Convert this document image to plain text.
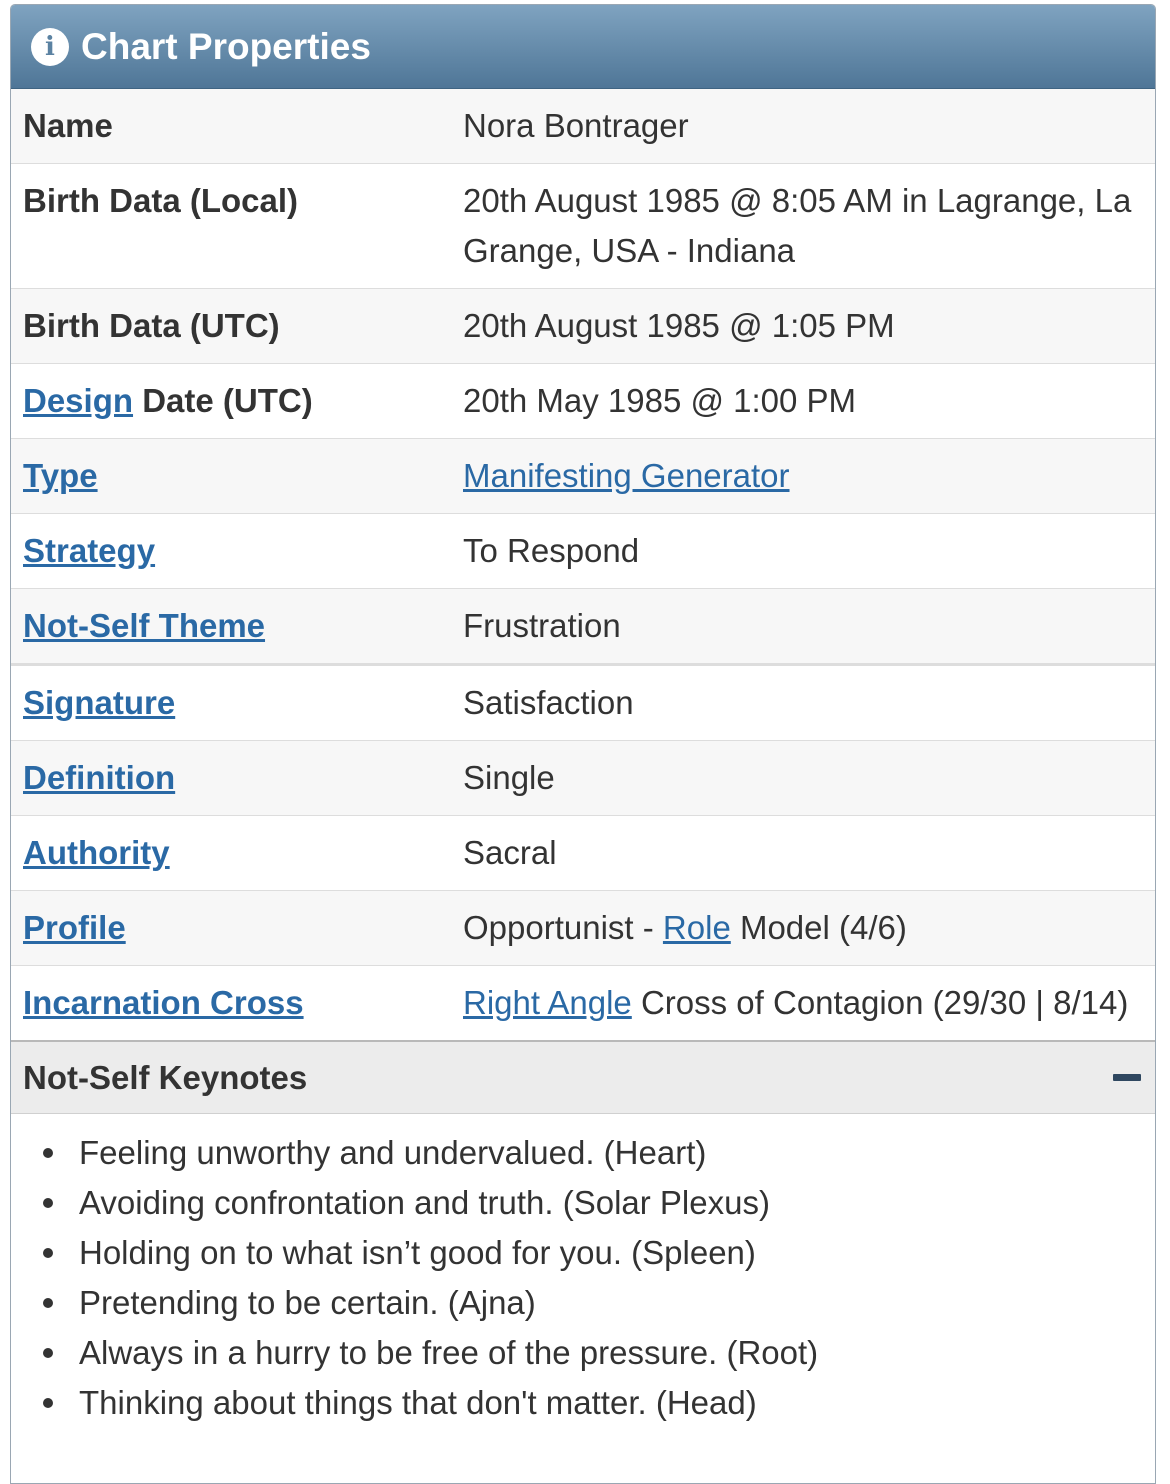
i Chart Properties
Name	Nora Bontrager
Birth Data (Local)	20th August 1985 @ 8:05 AM in Lagrange, La Grange, USA - Indiana
Birth Data (UTC)	20th August 1985 @ 1:05 PM
Design Date (UTC)	20th May 1985 @ 1:00 PM
Type	Manifesting Generator
Strategy	To Respond
Not-Self Theme	Frustration
Signature	Satisfaction
Definition	Single
Authority	Sacral
Profile	Opportunist - Role Model (4/6)
Incarnation Cross	Right Angle Cross of Contagion (29/30 | 8/14)
Not-Self Keynotes
Feeling unworthy and undervalued. (Heart)
Avoiding confrontation and truth. (Solar Plexus)
Holding on to what isn’t good for you. (Spleen)
Pretending to be certain. (Ajna)
Always in a hurry to be free of the pressure. (Root)
Thinking about things that don't matter. (Head)
